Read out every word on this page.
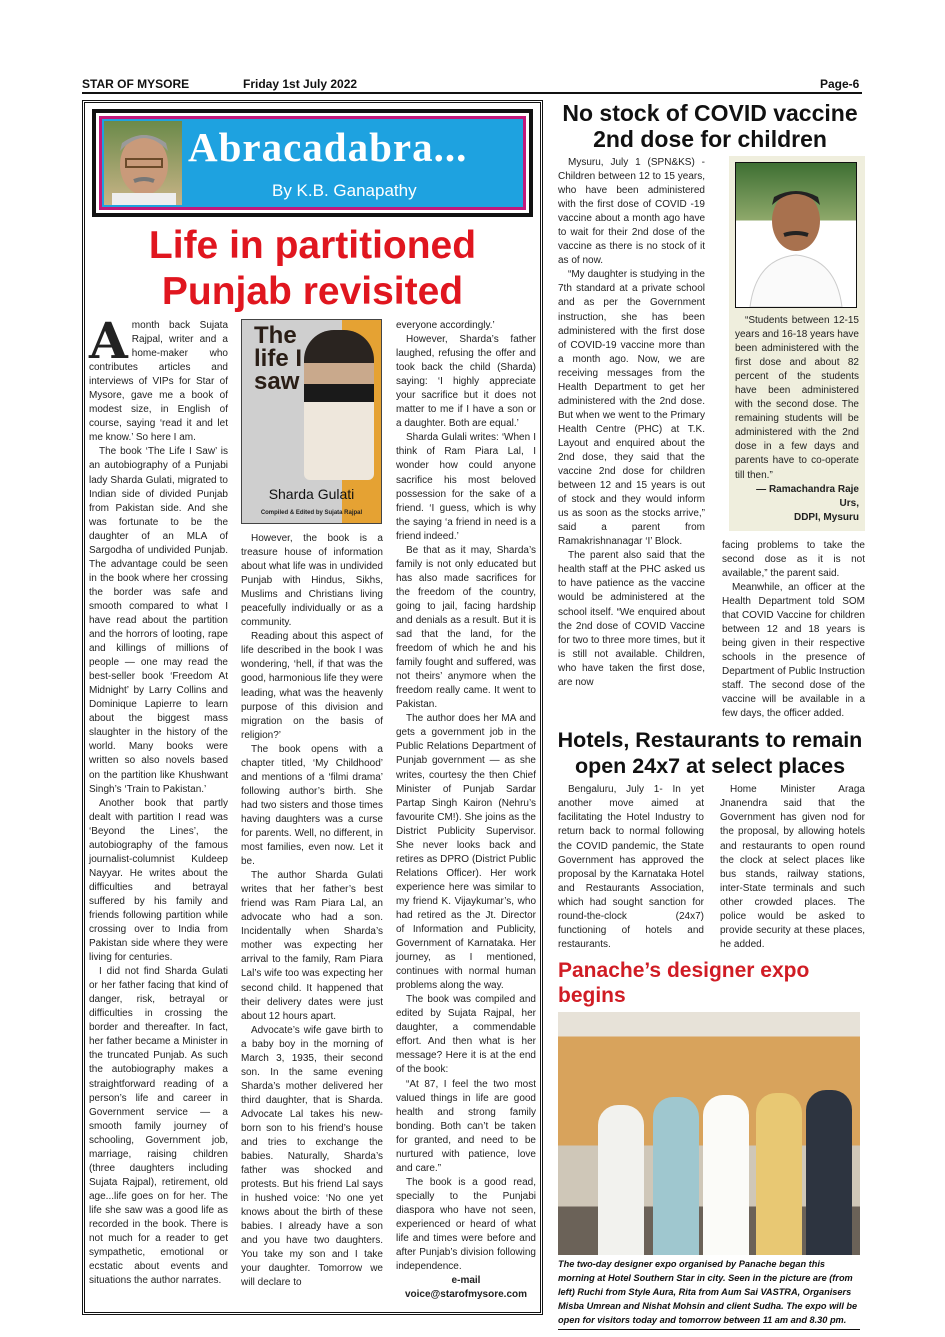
STAR OF MYSORE	Friday 1st July 2022	Page-6
Abracadabra...
By K.B. Ganapathy
Life in partitioned Punjab revisited

Amonth back Sujata Rajpal, writer and a home-maker who contributes articles and interviews of VIPs for Star of Mysore, gave me a book of modest size, in English of course, saying ‘read it and let me know.’ So here I am.

The book ‘The Life I Saw’ is an autobiography of a Punjabi lady Sharda Gulati, migrated to Indian side of divided Punjab from Pakistan side. And she was fortunate to be the daughter of an MLA of Sargodha of undivided Punjab. The advantage could be seen in the book where her crossing the border was safe and smooth compared to what I have read about the partition and the horrors of looting, rape and killings of millions of people — one may read the best-seller book ‘Freedom At Midnight’ by Larry Collins and Dominique Lapierre to learn about the biggest mass slaughter in the history of the world. Many books were written so also novels based on the partition like Khushwant Singh’s ‘Train to Pakistan.’

Another book that partly dealt with partition I read was ‘Beyond the Lines’, the autobiography of the famous journalist-columnist Kuldeep Nayyar. He writes about the difficulties and betrayal suffered by his family and friends following partition while crossing over to India from Pakistan side where they were living for centuries.

I did not find Sharda Gulati or her father facing that kind of danger, risk, betrayal or difficulties in crossing the border and thereafter. In fact, her father became a Minister in the truncated Punjab. As such the autobiography makes a straightforward reading of a person’s life and career in Government service — a smooth family journey of schooling, Government job, marriage, raising children (three daughters including Sujata Rajpal), retirement, old age...life goes on for her. The life she saw was a good life as recorded in the book. There is not much for a reader to get sympathetic, emotional or ecstatic about events and situations the author narrates.

The life I saw
Sharda Gulati
Compiled & Edited by Sujata Rajpal

However, the book is a treasure house of information about what life was in undivided Punjab with Hindus, Sikhs, Muslims and Christians living peacefully individually or as a community.

Reading about this aspect of life described in the book I was wondering, ‘hell, if that was the good, harmonious life they were leading, what was the heavenly purpose of this division and migration on the basis of religion?’

The book opens with a chapter titled, ‘My Childhood’ and mentions of a ‘filmi drama’ following author’s birth. She had two sisters and those times having daughters was a curse for parents. Well, no different, in most families, even now. Let it be.

The author Sharda Gulati writes that her father’s best friend was Ram Piara Lal, an advocate who had a son. Incidentally when Sharda’s mother was expecting her arrival to the family, Ram Piara Lal’s wife too was expecting her second child. It happened that their delivery dates were just about 12 hours apart.

Advocate’s wife gave birth to a baby boy in the morning of March 3, 1935, their second son. In the same evening Sharda’s mother delivered her third daughter, that is Sharda. Advocate Lal takes his new-born son to his friend’s house and tries to exchange the babies. Naturally, Sharda’s father was shocked and protests. But his friend Lal says in hushed voice: ‘No one yet knows about the birth of these babies. I already have a son and you have two daughters. You take my son and I take your daughter. Tomorrow we will declare to

everyone accordingly.’

However, Sharda’s father laughed, refusing the offer and took back the child (Sharda) saying: ‘I highly appreciate your sacrifice but it does not matter to me if I have a son or a daughter. Both are equal.’

Sharda Gulali writes: ‘When I think of Ram Piara Lal, I wonder how could anyone sacrifice his most beloved possession for the sake of a friend. ‘I guess, which is why the saying ‘a friend in need is a friend indeed.’

Be that as it may, Sharda’s family is not only educated but has also made sacrifices for the freedom of the country, going to jail, facing hardship and denials as a result. But it is sad that the land, for the freedom of which he and his family fought and suffered, was not theirs’ anymore when the freedom really came. It went to Pakistan.

The author does her MA and gets a government job in the Public Relations Department of Punjab government — as she writes, courtesy the then Chief Minister of Punjab Sardar Partap Singh Kairon (Nehru’s favourite CM!). She joins as the District Publicity Supervisor. She never looks back and retires as DPRO (District Public Relations Officer). Her work experience here was similar to my friend K. Vijaykumar’s, who had retired as the Jt. Director of Information and Publicity, Government of Karnataka. Her journey, as I mentioned, continues with normal human problems along the way.

The book was compiled and edited by Sujata Rajpal, her daughter, a commendable effort. And then what is her message? Here it is at the end of the book:

“At 87, I feel the two most valued things in life are good health and strong family bonding. Both can’t be taken for granted, and need to be nurtured with patience, love and care.”

The book is a good read, specially to the Punjabi diaspora who have not seen, experienced or heard of what life and times were before and after Punjab’s division following independence.

e-mail
voice@starofmysore.com
No stock of COVID vaccine 2nd dose for children

Mysuru, July 1 (SPN&KS) - Children between 12 to 15 years, who have been administered with the first dose of COVID -19 vaccine about a month ago have to wait for their 2nd dose of the vaccine as there is no stock of it as of now.

“My daughter is studying in the 7th standard at a private school and as per the Government instruction, she has been administered with the first dose of COVID-19 vaccine more than a month ago. Now, we are receiving messages from the Health Department to get her administered with the 2nd dose. But when we went to the Primary Health Centre (PHC) at T.K. Layout and enquired about the 2nd dose, they said that the vaccine 2nd dose for children between 12 and 15 years is out of stock and they would inform us as soon as the stocks arrive,” said a parent from Ramakrishnanagar ‘I’ Block.

The parent also said that the health staff at the PHC asked us to have patience as the vaccine would be administered at the school itself. “We enquired about the 2nd dose of COVID Vaccine for two to three more times, but it is still not available. Children, who have taken the first dose, are now

“Students between 12-15 years and 16-18 years have been administered with the first dose and about 82 percent of the students have been administered with the second dose. The remaining students will be administered with the 2nd dose in a few days and parents have to co-operate till then.”

— Ramachandra Raje Urs,
DDPI, Mysuru

facing problems to take the second dose as it is not available,” the parent said.

Meanwhile, an officer at the Health Department told SOM that COVID Vaccine for children between 12 and 18 years is being given in their respective schools in the presence of Department of Public Instruction staff. The second dose of the vaccine will be available in a few days, the officer added.

Hotels, Restaurants to remain open 24x7 at select places

Bengaluru, July 1- In yet another move aimed at facilitating the Hotel Industry to return back to normal following the COVID pandemic, the State Government has approved the proposal by the Karnataka Hotel and Restaurants Association, which had sought sanction for round-the-clock (24x7) functioning of hotels and restaurants.

Home Minister Araga Jnanendra said that the Government has given nod for the proposal, by allowing hotels and restaurants to open round the clock at select places like bus stands, railway stations, inter-State terminals and such other crowded places. The police would be asked to provide security at these places, he added.

Panache’s designer expo begins
The two-day designer expo organised by Panache began this morning at Hotel Southern Star in city. Seen in the picture are (from left) Ruchi from Style Aura, Rita from Aum Sai VASTRA, Organisers Misba Umrean and Nishat Mohsin and client Sudha. The expo will be open for visitors today and tomorrow between 11 am and 8.30 pm.
